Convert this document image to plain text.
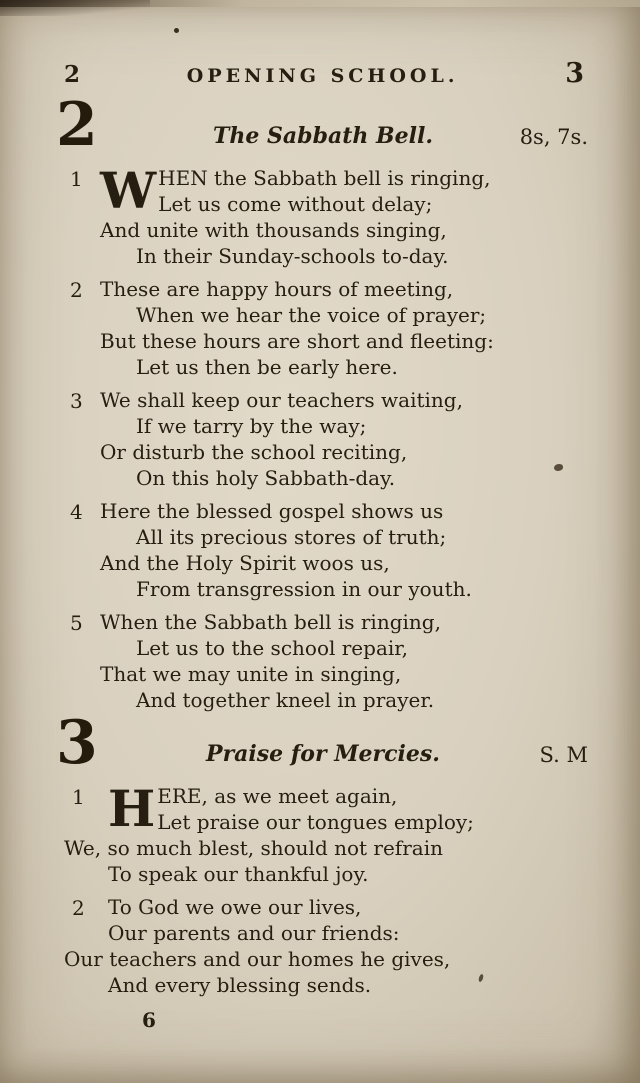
2	OPENING SCHOOL.	3
2	The Sabbath Bell.	8s, 7s.
1 W HEN the Sabbath bell is ringing,
Let us come without delay;
And unite with thousands singing,
In their Sunday-schools to-day.
2 These are happy hours of meeting,
When we hear the voice of prayer;
But these hours are short and fleeting:
Let us then be early here.
3 We shall keep our teachers waiting,
If we tarry by the way;
Or disturb the school reciting,
On this holy Sabbath-day.
4 Here the blessed gospel shows us
All its precious stores of truth;
And the Holy Spirit woos us,
From transgression in our youth.
5 When the Sabbath bell is ringing,
Let us to the school repair,
That we may unite in singing,
And together kneel in prayer.
3	Praise for Mercies.	S. M
1 H ERE, as we meet again,
Let praise our tongues employ;
We, so much blest, should not refrain
To speak our thankful joy.
2 To God we owe our lives,
Our parents and our friends:
Our teachers and our homes he gives,
And every blessing sends.
6
